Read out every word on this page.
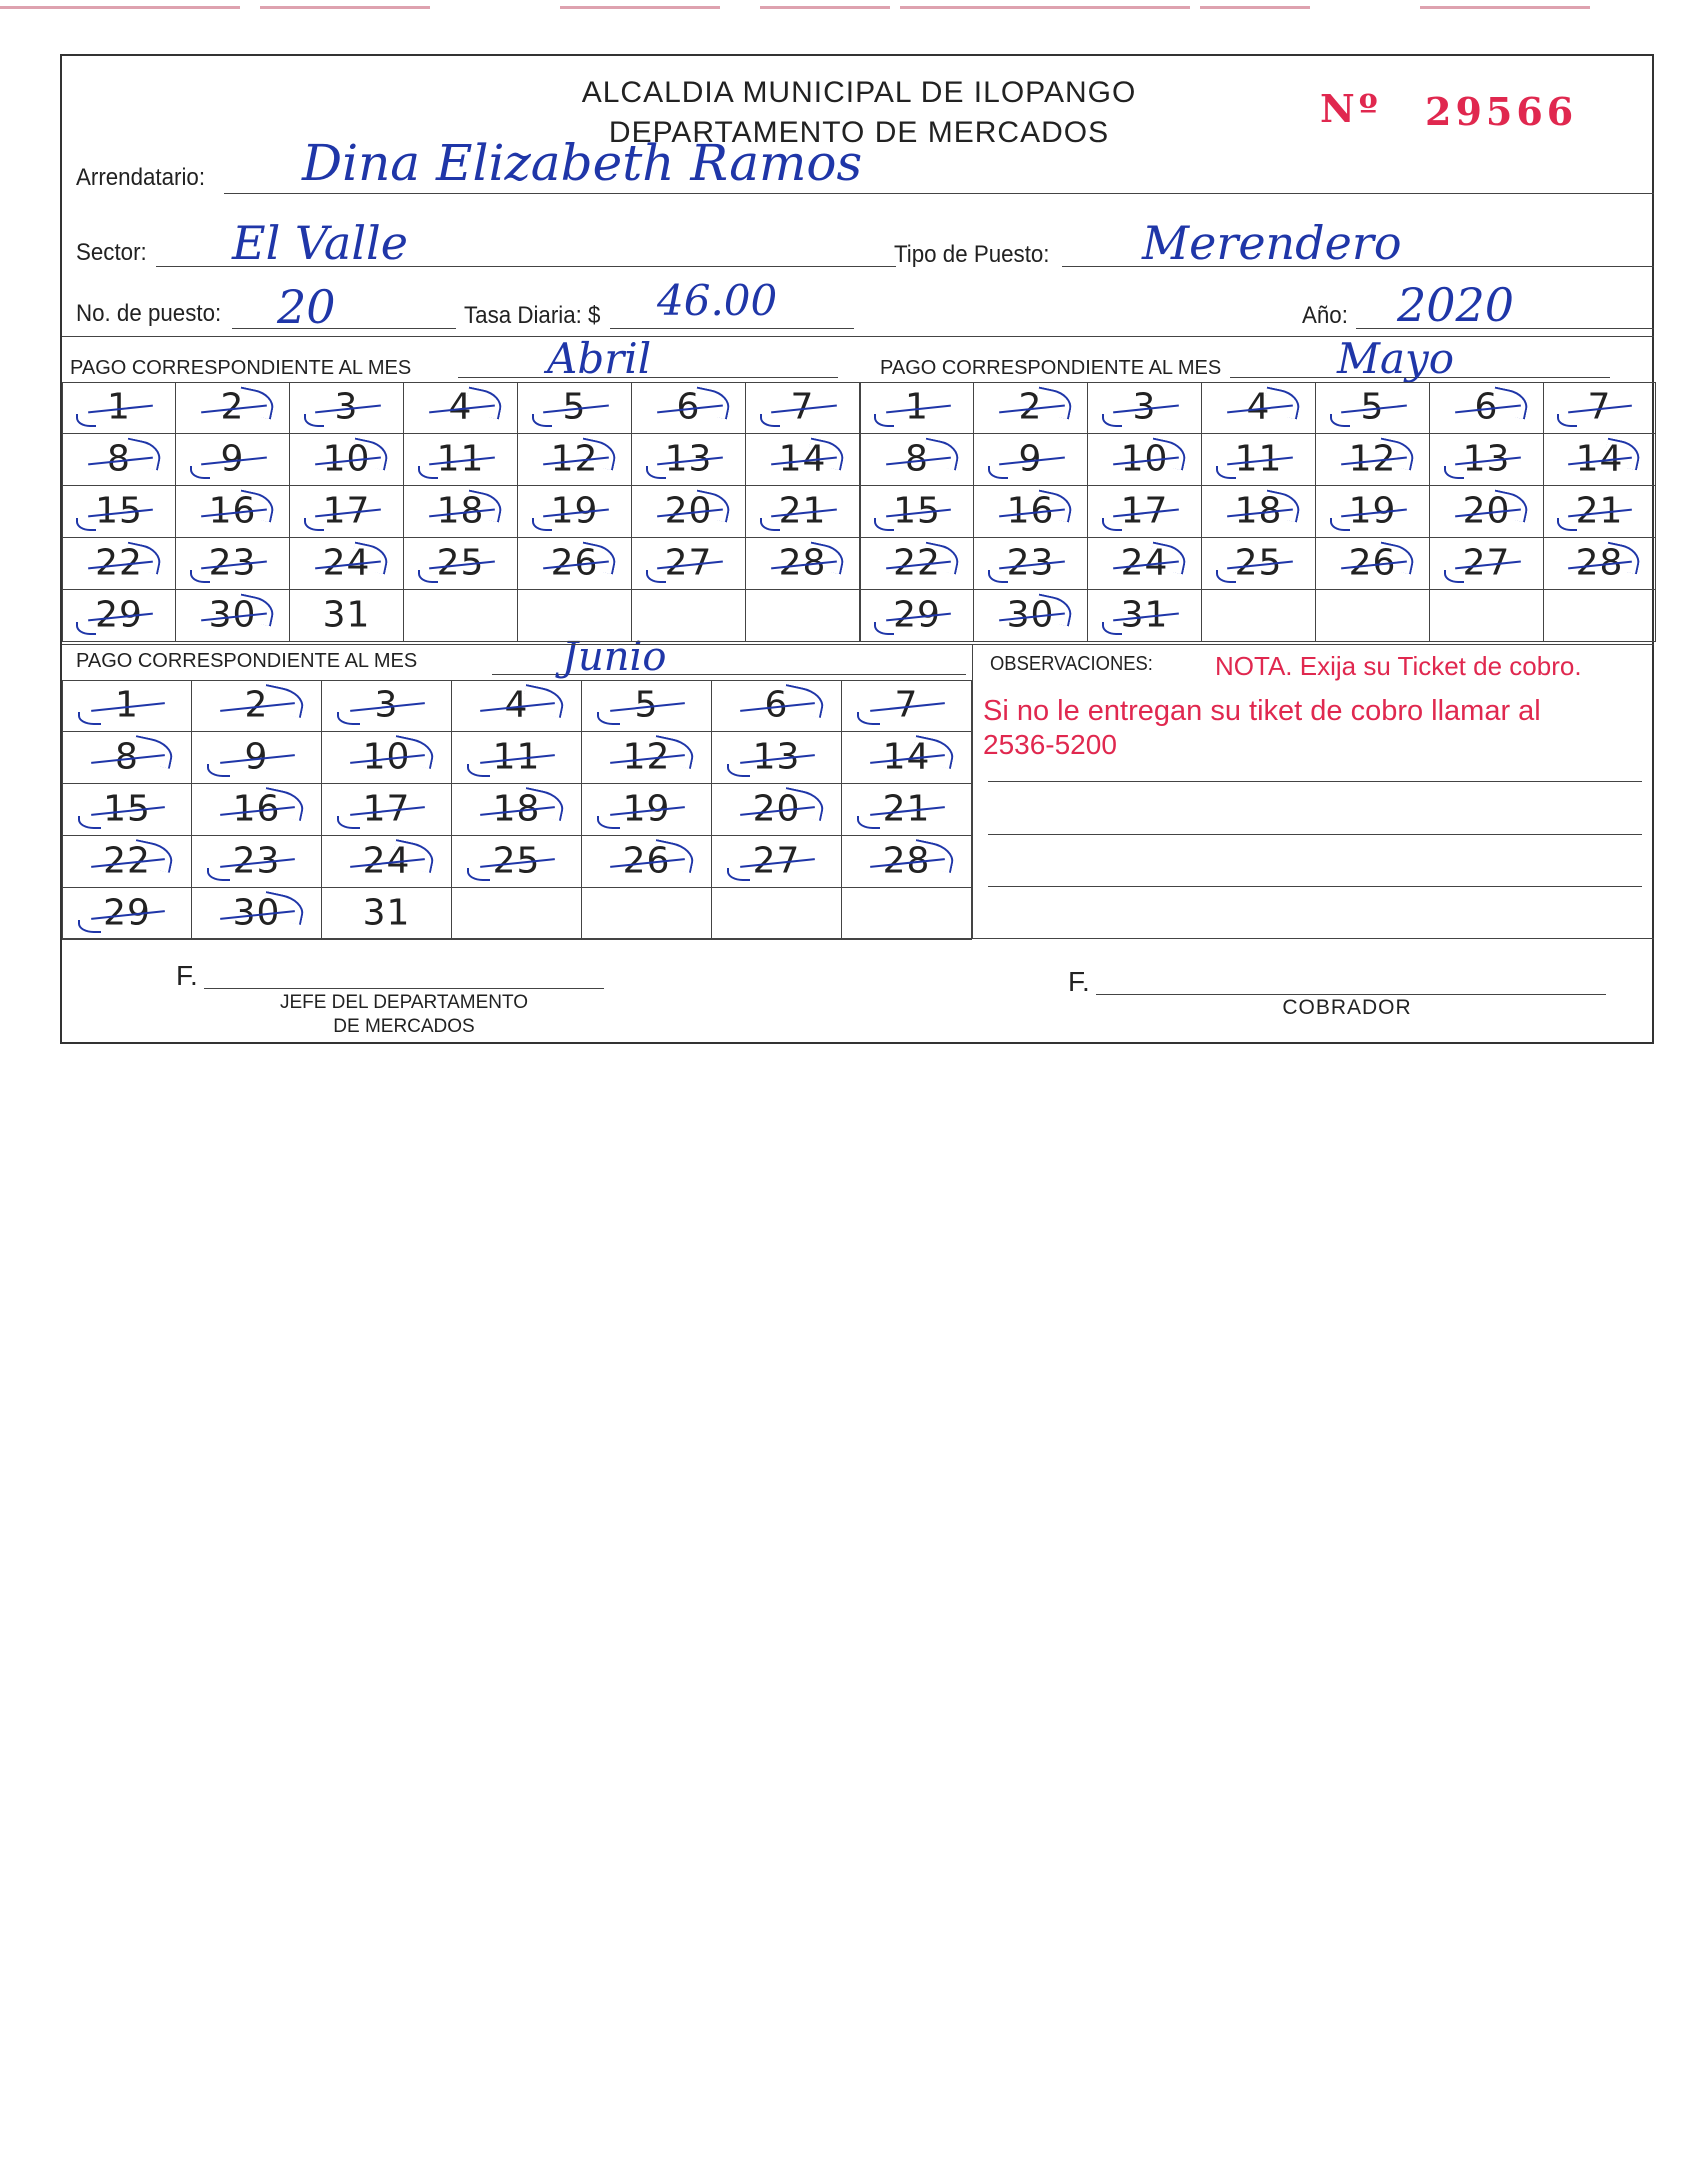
ALCALDIA MUNICIPAL DE ILOPANGO
DEPARTAMENTO DE MERCADOS
Nº 29566
Arrendatario: Dina Elizabeth Ramos
Sector: El Valle	Tipo de Puesto: Merendero
No. de puesto: 20	Tasa Diaria: $ 46.00	Año: 2020
PAGO CORRESPONDIENTE AL MES	Abril	PAGO CORRESPONDIENTE AL MES	Mayo
PAGO CORRESPONDIENTE AL MES	Junio	OBSERVACIONES: NOTA. Exija su Ticket de cobro.
Si no le entregan su tiket de cobro llamar al
2536-5200
F.
JEFE DEL DEPARTAMENTO
DE MERCADOS
F.
COBRADOR
1	2	3	4	5	6	7
8	9	10	11	12	13	14
15	16	17	18	19	20	21
22	23	24	25	26	27	28
29	30	31
1	2	3	4	5	6	7
8	9	10	11	12	13	14
15	16	17	18	19	20	21
22	23	24	25	26	27	28
29	30	31
1	2	3	4	5	6	7
8	9	10	11	12	13	14
15	16	17	18	19	20	21
22	23	24	25	26	27	28
29	30	31
